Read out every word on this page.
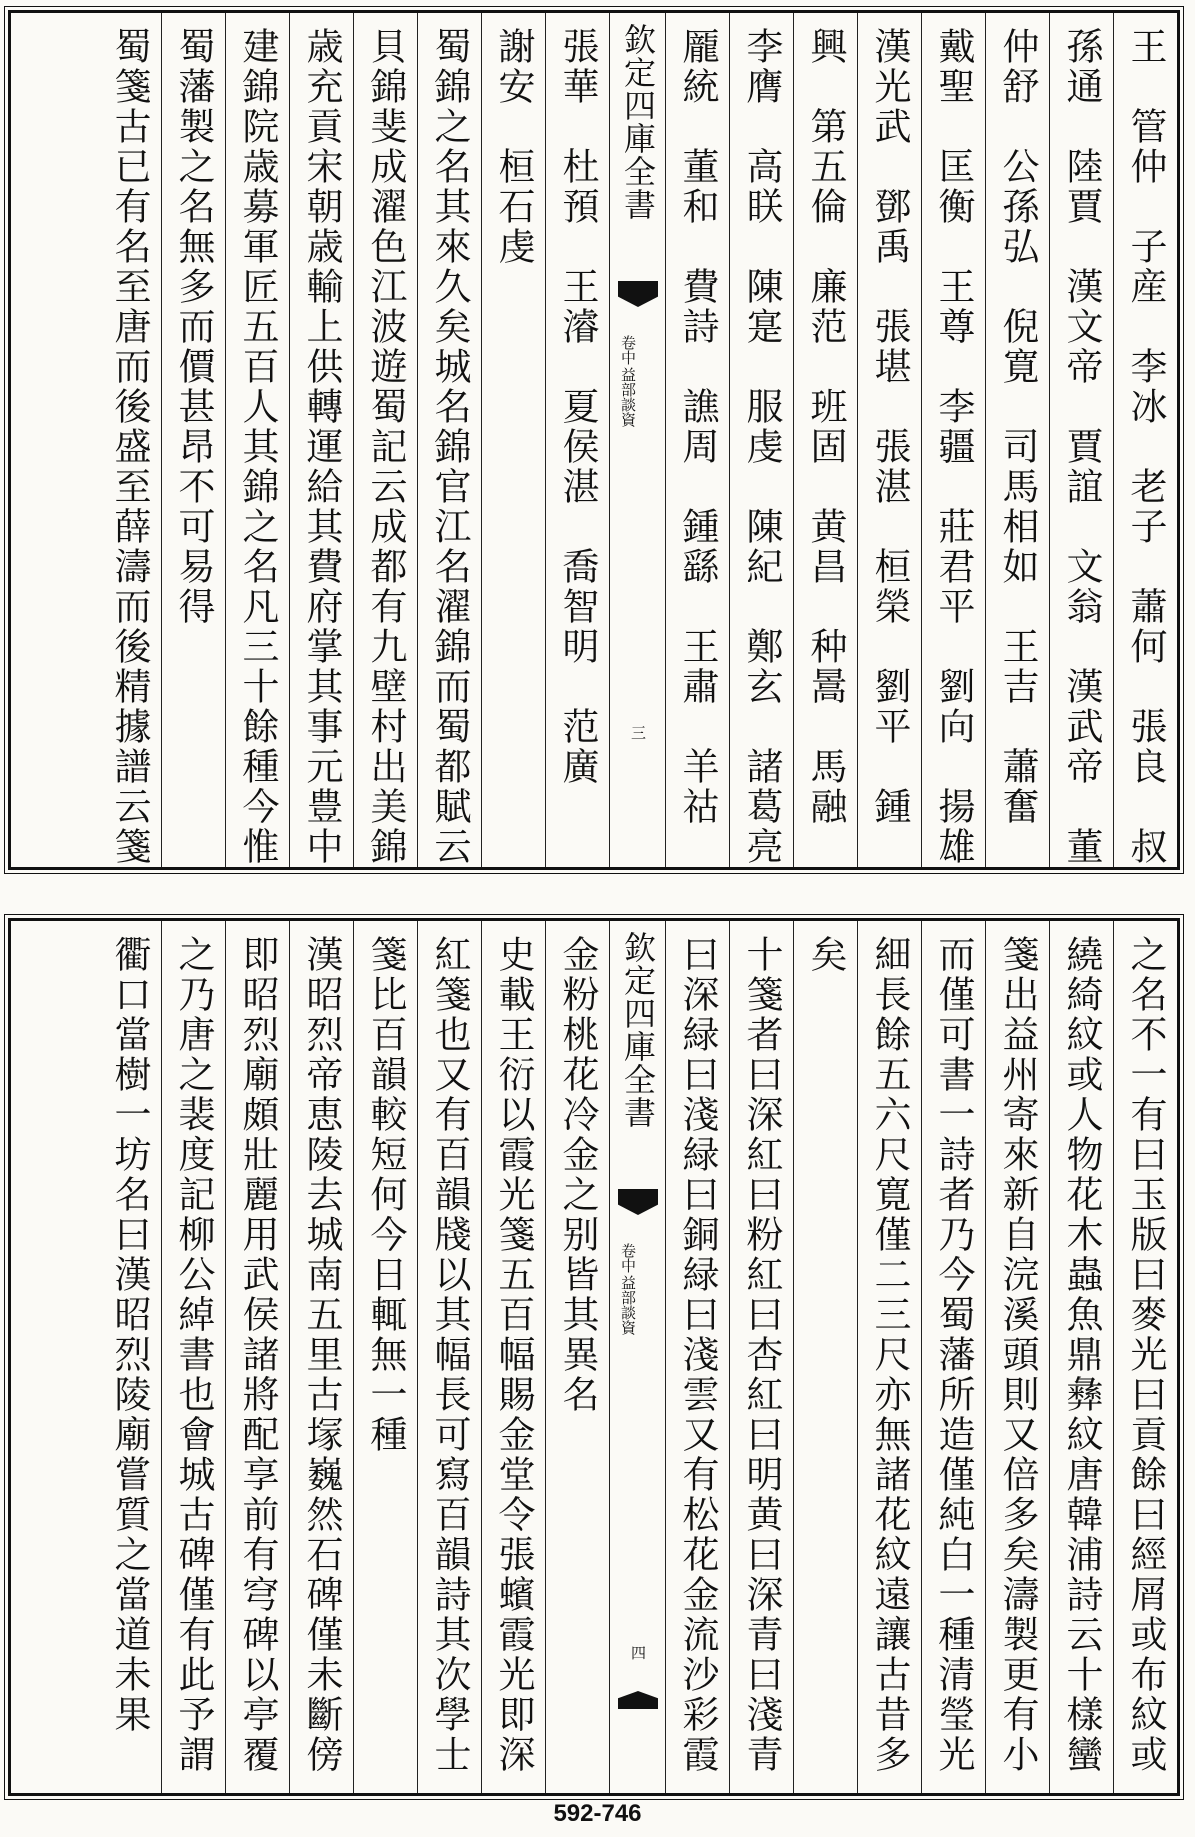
王　管仲　子産　李冰　老子　蕭何　張良　叔
孫通　陸賈　漢文帝　賈誼　文翁　漢武帝　董
仲舒　公孫弘　倪寛　司馬相如　王吉　蕭奮
戴聖　匡衡　王尊　李疆　莊君平　劉向　揚雄
漢光武　鄧禹　張堪　張湛　桓榮　劉平　鍾
興　第五倫　廉范　班固　黄昌　种暠　馬融
李膺　高眹　陳寔　服虔　陳紀　鄭玄　諸葛亮
龎統　董和　費詩　譙周　鍾繇　王肅　羊祜
欽定四庫全書
益部談資
卷中
三
張華　杜預　王濬　夏侯湛　喬智明　范廣
謝安　桓石虔
蜀錦之名其來久矣城名錦官江名濯錦而蜀都賦云
貝錦斐成濯色江波遊蜀記云成都有九壁村出美錦
歳充貢宋朝歳輸上供轉運給其費府掌其事元豊中
建錦院歳募軍匠五百人其錦之名凡三十餘種今惟
蜀藩製之名無多而價甚昂不可易得
蜀箋古已有名至唐而後盛至薛濤而後精據譜云箋
之名不一有曰玉版曰麥光曰貢餘曰經屑或布紋或
繞綺紋或人物花木蟲魚鼎彝紋唐韓浦詩云十樣蠻
箋出益州寄來新自浣溪頭則又倍多矣濤製更有小
而僅可書一詩者乃今蜀藩所造僅純白一種清瑩光
細長餘五六尺寛僅二三尺亦無諸花紋遠讓古昔多
矣
十箋者曰深紅曰粉紅曰杏紅曰明黄曰深青曰淺青
曰深緑曰淺緑曰銅緑曰淺雲又有松花金流沙彩霞
欽定四庫全書
益部談資
卷中
四
金粉桃花冷金之别皆其異名
史載王衍以霞光箋五百幅賜金堂令張蠙霞光即深
紅箋也又有百韻牋以其幅長可寫百韻詩其次學士
箋比百韻較短何今日輒無一種
漢昭烈帝恵陵去城南五里古塜巍然石碑僅未斷傍
即昭烈廟頗壯麗用武侯諸將配享前有穹碑以亭覆
之乃唐之裴度記柳公綽書也會城古碑僅有此予謂
衢口當樹一坊名曰漢昭烈陵廟嘗質之當道未果
592-746
